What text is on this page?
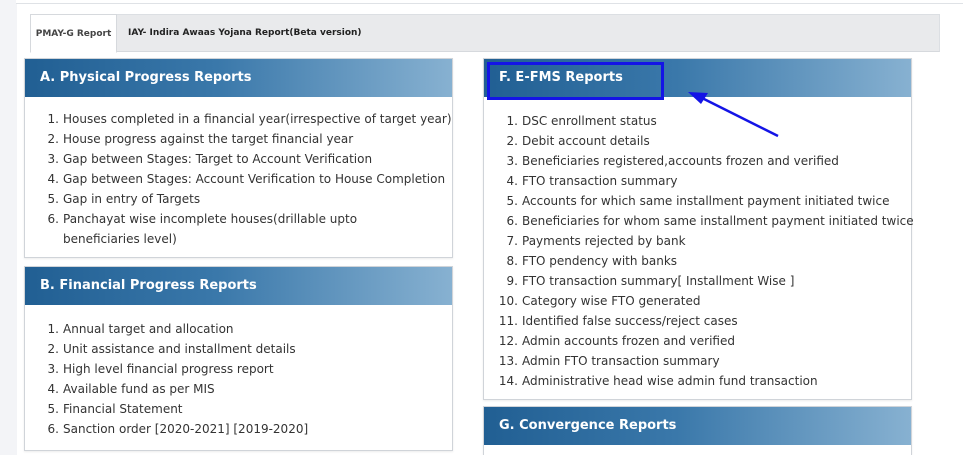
PMAY-G Report	IAY- Indira Awaas Yojana Report(Beta version)
A. Physical Progress Reports
1. Houses completed in a financial year(irrespective of target year)
2. House progress against the target financial year
3. Gap between Stages: Target to Account Verification
4. Gap between Stages: Account Verification to House Completion
5. Gap in entry of Targets
6. Panchayat wise incomplete houses(drillable upto beneficiaries level)
B. Financial Progress Reports
1. Annual target and allocation
2. Unit assistance and installment details
3. High level financial progress report
4. Available fund as per MIS
5. Financial Statement
6. Sanction order [2020-2021] [2019-2020]
F. E-FMS Reports
1. DSC enrollment status
2. Debit account details
3. Beneficiaries registered,accounts frozen and verified
4. FTO transaction summary
5. Accounts for which same installment payment initiated twice
6. Beneficiaries for whom same installment payment initiated twice
7. Payments rejected by bank
8. FTO pendency with banks
9. FTO transaction summary[ Installment Wise ]
10. Category wise FTO generated
11. Identified false success/reject cases
12. Admin accounts frozen and verified
13. Admin FTO transaction summary
14. Administrative head wise admin fund transaction
G. Convergence Reports
